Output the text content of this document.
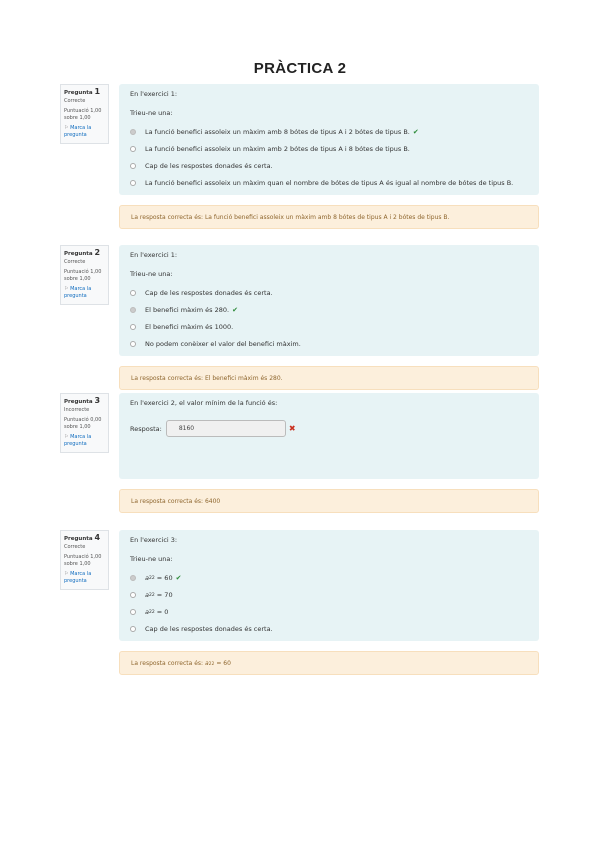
PRÀCTICA 2
Pregunta 1
Correcte
Puntuació 1,00 sobre 1,00
⚐ Marca la pregunta
En l'exercici 1:
Trieu-ne una:
La funció benefici assoleix un màxim amb 8 bótes de tipus A i 2 bótes de tipus B. ✔
La funció benefici assoleix un màxim amb 2 bótes de tipus A i 8 bótes de tipus B.
Cap de les respostes donades és certa.
La funció benefici assoleix un màxim quan el nombre de bótes de tipus A és igual al nombre de bótes de tipus B.
La resposta correcta és: La funció benefici assoleix un màxim amb 8 bótes de tipus A i 2 bótes de tipus B.
Pregunta 2
Correcte
Puntuació 1,00 sobre 1,00
⚐ Marca la pregunta
En l'exercici 1:
Trieu-ne una:
Cap de les respostes donades és certa.
El benefici màxim és 280. ✔
El benefici màxim és 1000.
No podem conèixer el valor del benefici màxim.
La resposta correcta és: El benefici màxim és 280.
Pregunta 3
Incorrecte
Puntuació 0,00 sobre 1,00
⚐ Marca la pregunta
En l'exercici 2, el valor mínim de la funció és:
Resposta:
8160	✖
La resposta correcta és: 6400
Pregunta 4
Correcte
Puntuació 1,00 sobre 1,00
⚐ Marca la pregunta
En l'exercici 3:
Trieu-ne una:
a 22
= 60 ✔
a 22
= 70
a 22
= 0
Cap de les respostes donades és certa.
La resposta correcta és:
a 22
= 60
